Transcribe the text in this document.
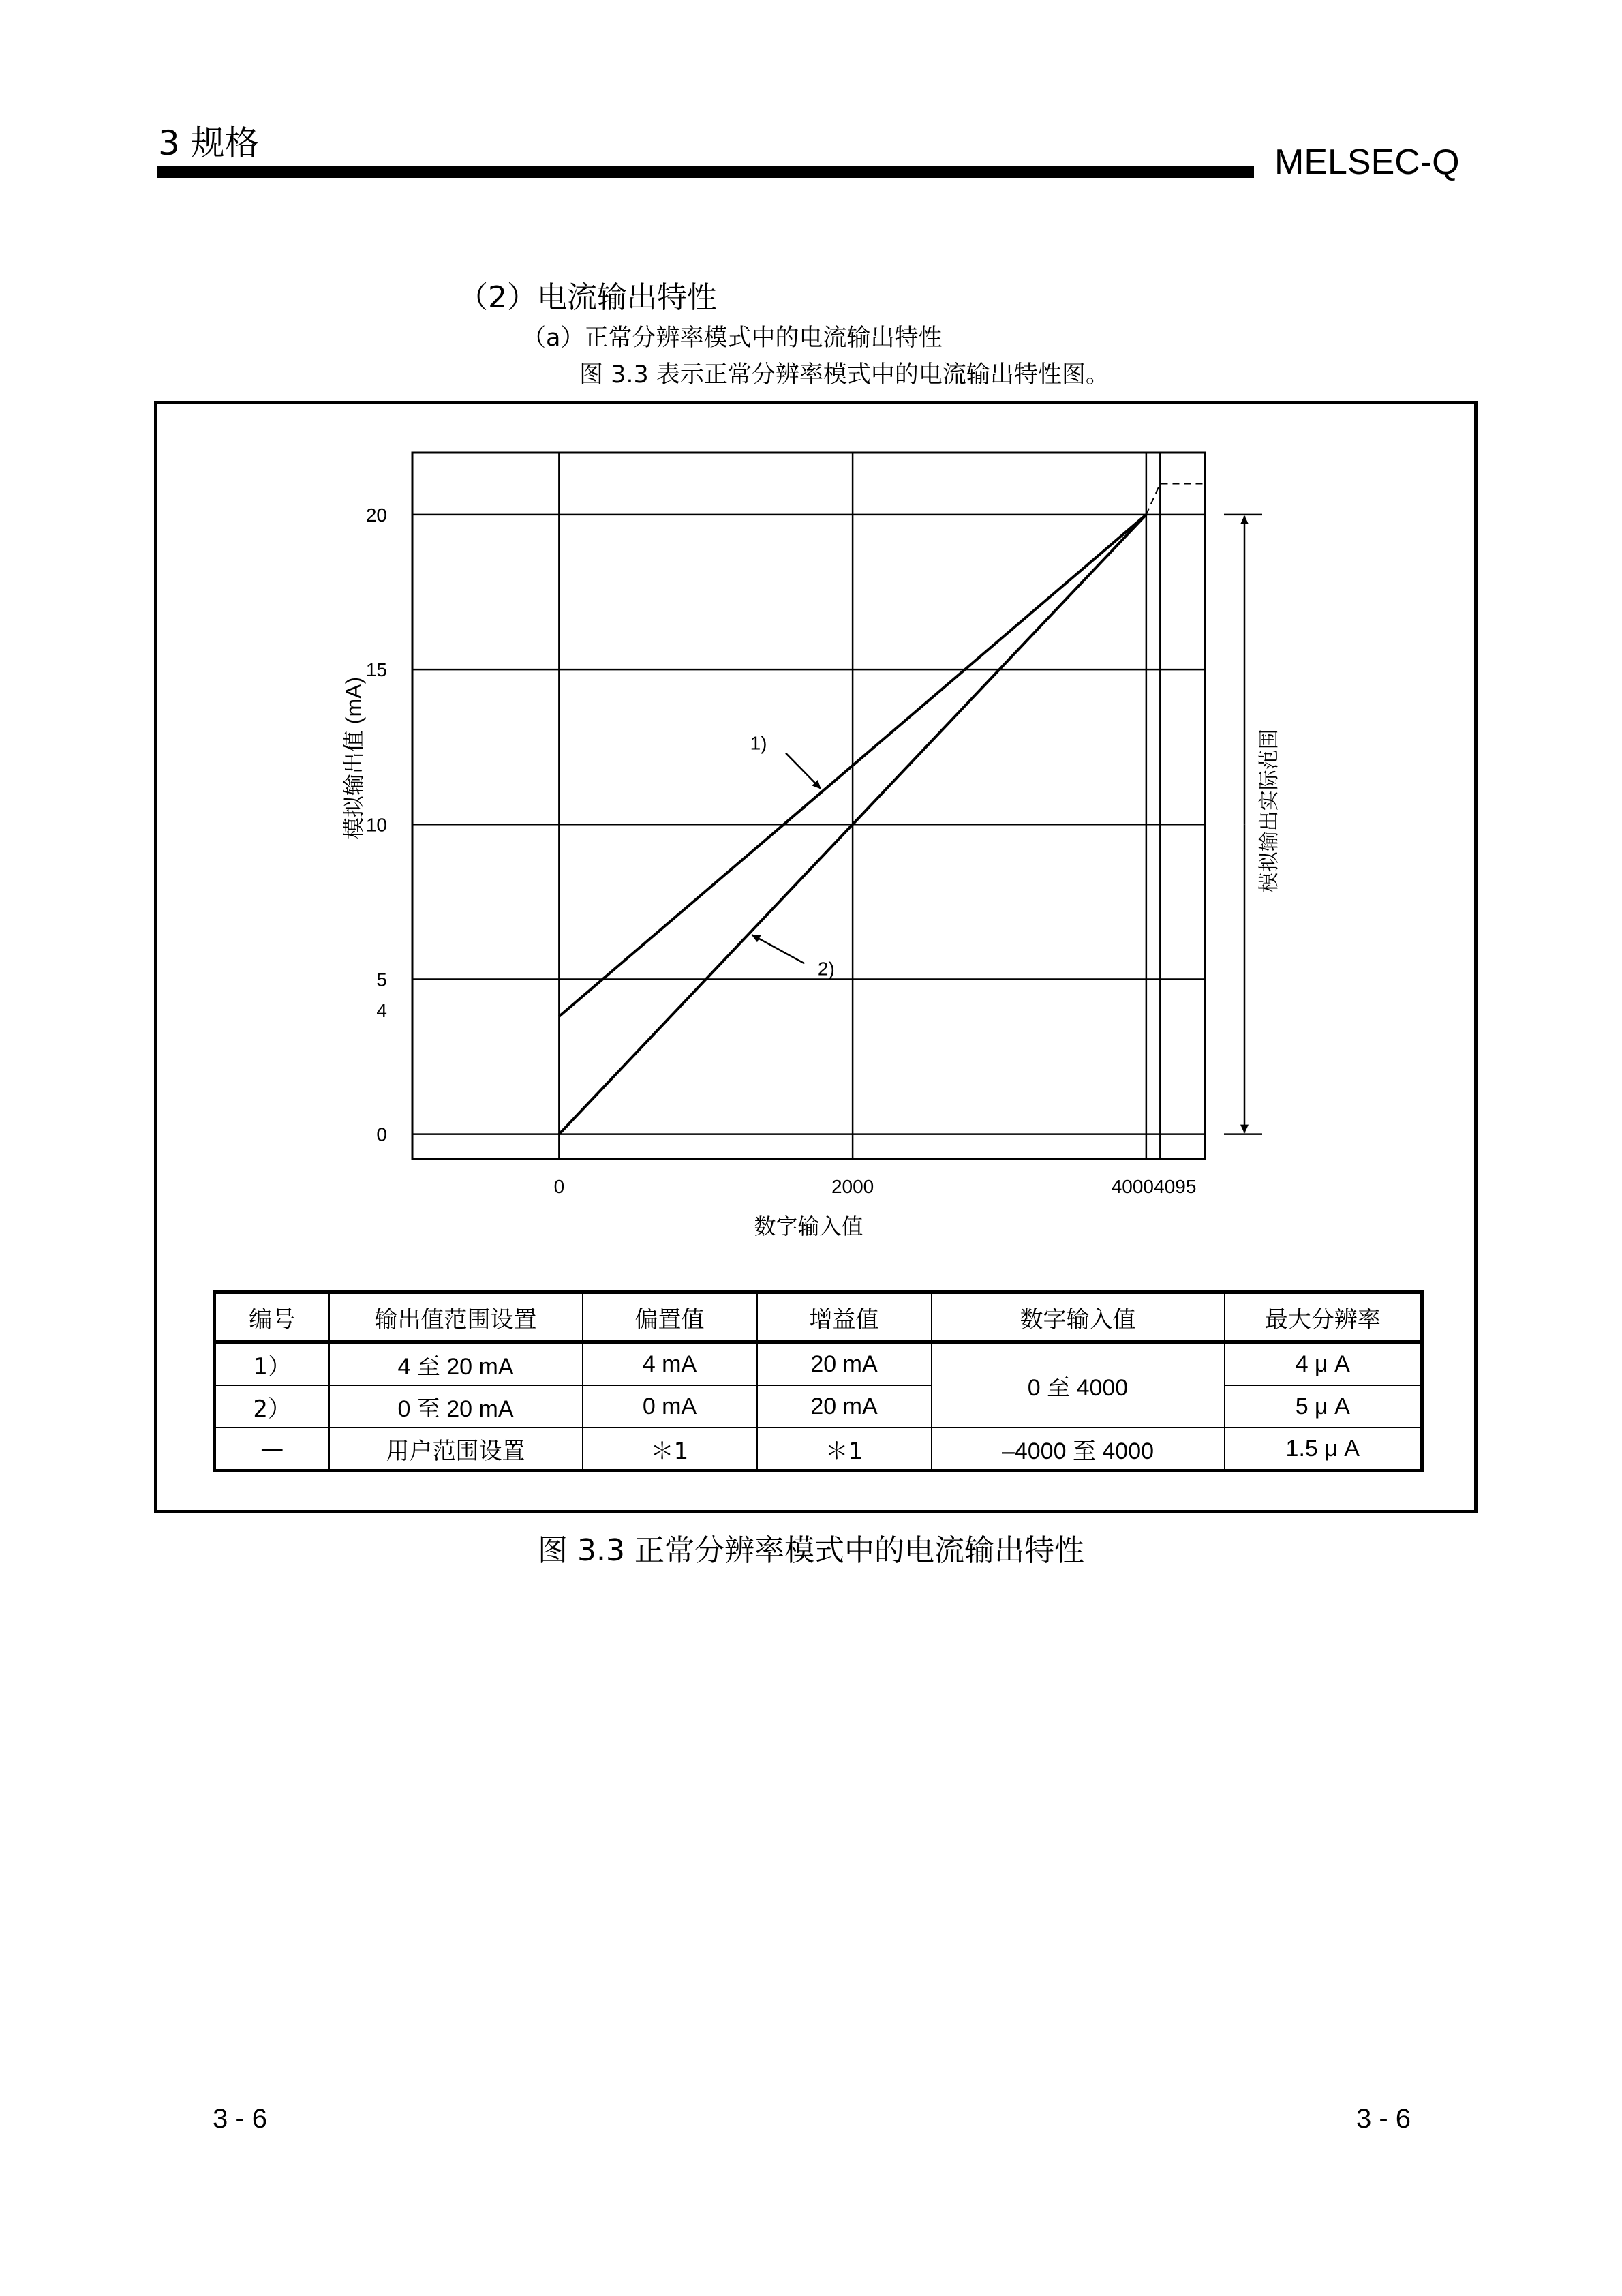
3 规格	MELSEC-Q
（2）电流输出特性
（a）正常分辨率模式中的电流输出特性
图 3.3 表示正常分辨率模式中的电流输出特性图。
0	2000	4000 4095
0
4
5
10
15
20
数字输入值
模拟输出值 (mA)	1)
2)
模拟输出实际范围
编号	输出值范围设置	偏置值	增益值	数字输入值	最大分辨率
1）	4 至 20 mA	4 mA	20 mA	0 至 4000	4 μ A
2）	0 至 20 mA	0 mA	20 mA		5 μ A
—	用户范围设置	＊1	＊1	–4000 至 4000	1.5 μ A
图 3.3 正常分辨率模式中的电流输出特性
3 - 6	3 - 6
